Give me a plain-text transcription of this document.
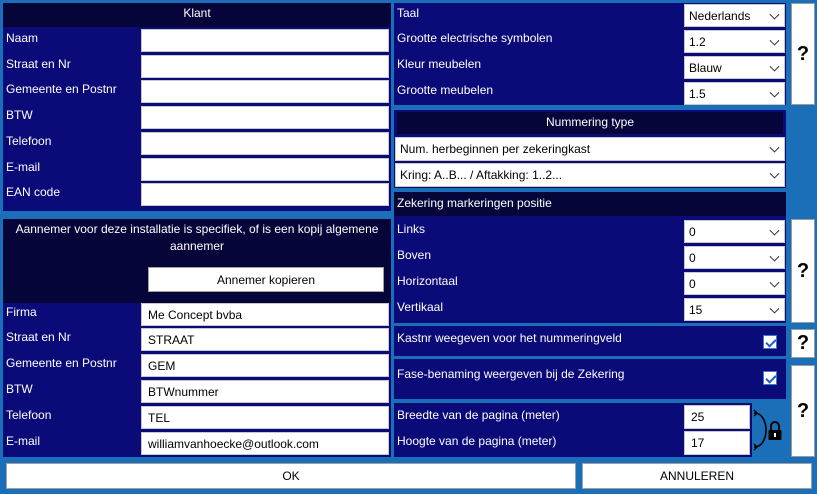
Klant
Naam
Straat en Nr
Gemeente en Postnr
BTW
Telefoon
E-mail
EAN code
Aannemer voor deze installatie is specifiek, of is een kopij algemene aannemer
Annemer kopieren
Firma	Me Concept bvba
Straat en Nr	STRAAT
Gemeente en Postnr	GEM
BTW	BTWnummer
Telefoon	TEL
E-mail	williamvanhoecke@outlook.com
Taal	Nederlands
Grootte electrische symbolen	1.2
Kleur meubelen	Blauw
Grootte meubelen	1.5
?
Nummering type
Num. herbeginnen per zekeringkast
Kring: A..B... / Aftakking: 1..2...
Zekering markeringen positie
Links	0
Boven	0
Horizontaal	0
Vertikaal	15
?
Kastnr weegeven voor het nummeringveld	?
Fase-benaming weergeven bij de Zekering
Breedte van de pagina (meter)	25
Hoogte van de pagina (meter)	17
?
OK	ANNULEREN
